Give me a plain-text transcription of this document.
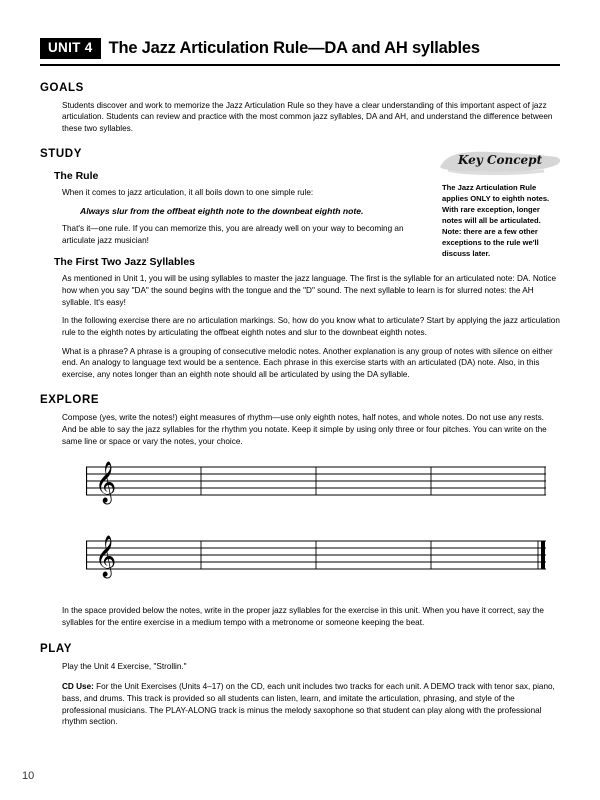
UNIT 4 The Jazz Articulation Rule—DA and AH syllables
GOALS

Students discover and work to memorize the Jazz Articulation Rule so they have a clear understanding of this important aspect of jazz articulation. Students can review and practice with the most common jazz syllables, DA and AH, and understand the difference between these two syllables.

STUDY
The Rule

When it comes to jazz articulation, it all boils down to one simple rule:

Always slur from the offbeat eighth note to the downbeat eighth note.

That's it—one rule. If you can memorize this, you are already well on your way to becoming an articulate jazz musician!

The First Two Jazz Syllables

As mentioned in Unit 1, you will be using syllables to master the jazz language. The first is the syllable for an articulated note: DA. Notice how when you say "DA" the sound begins with the tongue and the "D" sound. The next syllable to learn is for slurred notes: the AH syllable. It's easy!

In the following exercise there are no articulation markings. So, how do you know what to articulate? Start by applying the jazz articulation rule to the eighth notes by articulating the offbeat eighth notes and slur to the downbeat eighth notes.

What is a phrase? A phrase is a grouping of consecutive melodic notes. Another explanation is any group of notes with silence on either end. An analogy to language text would be a sentence. Each phrase in this exercise starts with an articulated (DA) note. Also, in this exercise, any notes longer than an eighth note should all be articulated by using the DA syllable.

EXPLORE

Compose (yes, write the notes!) eight measures of rhythm—use only eighth notes, half notes, and whole notes. Do not use any rests. And be able to say the jazz syllables for the rhythm you notate. Keep it simple by using only three or four pitches. You can write on the same line or space or vary the notes, your choice.

𝄞
𝄞

In the space provided below the notes, write in the proper jazz syllables for the exercise in this unit. When you have it correct, say the syllables for the entire exercise in a medium tempo with a metronome or someone keeping the beat.

PLAY

Play the Unit 4 Exercise, "Strollin."

CD Use: For the Unit Exercises (Units 4–17) on the CD, each unit includes two tracks for each unit. A DEMO track with tenor sax, piano, bass, and drums. This track is provided so all students can listen, learn, and imitate the articulation, phrasing, and style of the professional musicians. The PLAY-ALONG track is minus the melody saxophone so that student can play along with the professional rhythm section.

Key Concept
The Jazz Articulation Rule applies ONLY to eighth notes. With rare exception, longer notes will all be articulated. Note: there are a few other exceptions to the rule we'll discuss later.
10
